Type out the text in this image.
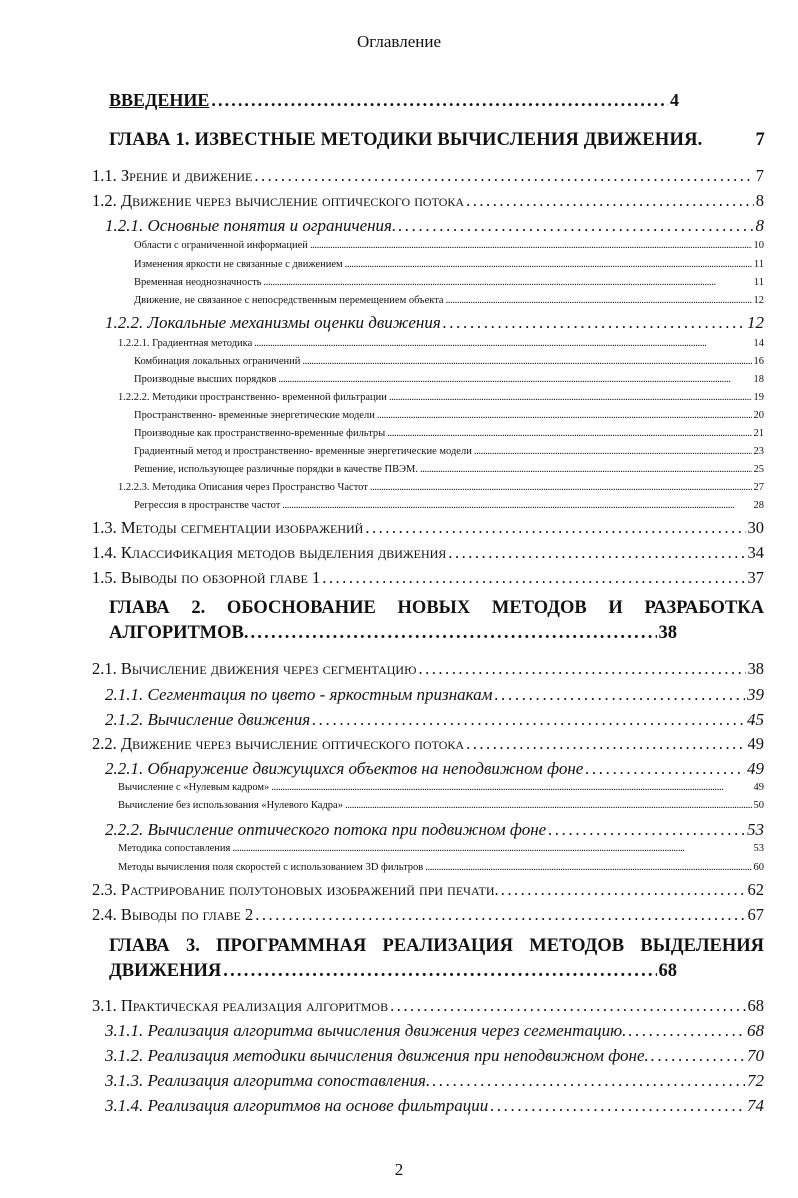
Оглавление
ВВЕДЕНИЕ . . .	4
ГЛАВА 1. ИЗВЕСТНЫЕ МЕТОДИКИ ВЫЧИСЛЕНИЯ ДВИЖЕНИЯ.	7
1.1. Зрение и движение . . .	7
1.2. Движение через вычисление оптического потока . . .	8
1.2.1. Основные понятия и ограничения. . . .	8
Области с ограниченной информацией . . .	10
Изменения яркости не связанные с движением . . .	11
Временная неоднозначность . . .	11
Движение, не связанное с непосредственным перемещением объекта . . .	12
1.2.2. Локальные механизмы оценки движения . . .	12
1.2.2.1. Градиентная методика . . .	14
Комбинация локальных ограничений . . .	16
Производные высших порядков . . .	18
1.2.2.2. Методики пространственно- временной фильтрации . . .	19
Пространственно- временные энергетические модели . . .	20
Производные как пространственно-временные фильтры . . .	21
Градиентный метод и пространственно- временные энергетические модели . . .	23
Решение, использующее различные порядки в качестве ПВЭМ. . . .	25
1.2.2.3. Методика Описания через Пространство Частот . . .	27
Регрессия в пространстве частот . . .	28
1.3. Методы сегментации изображений . . .	30
1.4. Классификация методов выделения движения . . .	34
1.5. Выводы по обзорной главе 1 . . .	37
ГЛАВА 2. ОБОСНОВАНИЕ НОВЫХ МЕТОДОВ И РАЗРАБОТКА
АЛГОРИТМОВ. . . .	38
2.1. Вычисление движения через сегментацию . . .	38
2.1.1. Сегментация по цвето - яркостным признакам . . .	39
2.1.2. Вычисление движения . . .	45
2.2. Движение через вычисление оптического потока . . .	49
2.2.1. Обнаружение движущихся объектов на неподвижном фоне . . .	49
Вычисление с «Нулевым кадром» . . .	49
Вычисление без использования «Нулевого Кадра» . . .	50
2.2.2. Вычисление оптического потока при подвижном фоне . . .	53
Методика сопоставления . . .	53
Методы вычисления поля скоростей с использованием 3D фильтров . . .	60
2.3. Растрирование полутоновых изображений при печати. . . .	62
2.4. Выводы по главе 2 . . .	67
ГЛАВА 3. ПРОГРАММНАЯ РЕАЛИЗАЦИЯ МЕТОДОВ ВЫДЕЛЕНИЯ
ДВИЖЕНИЯ . . .	68
3.1. Практическая реализация алгоритмов . . .	68
3.1.1. Реализация алгоритма вычисления движения через сегментацию. . . .	68
3.1.2. Реализация методики вычисления движения при неподвижном фоне. . . .	70
3.1.3. Реализация алгоритма сопоставления. . . .	72
3.1.4. Реализация алгоритмов на основе фильтрации . . .	74
2
